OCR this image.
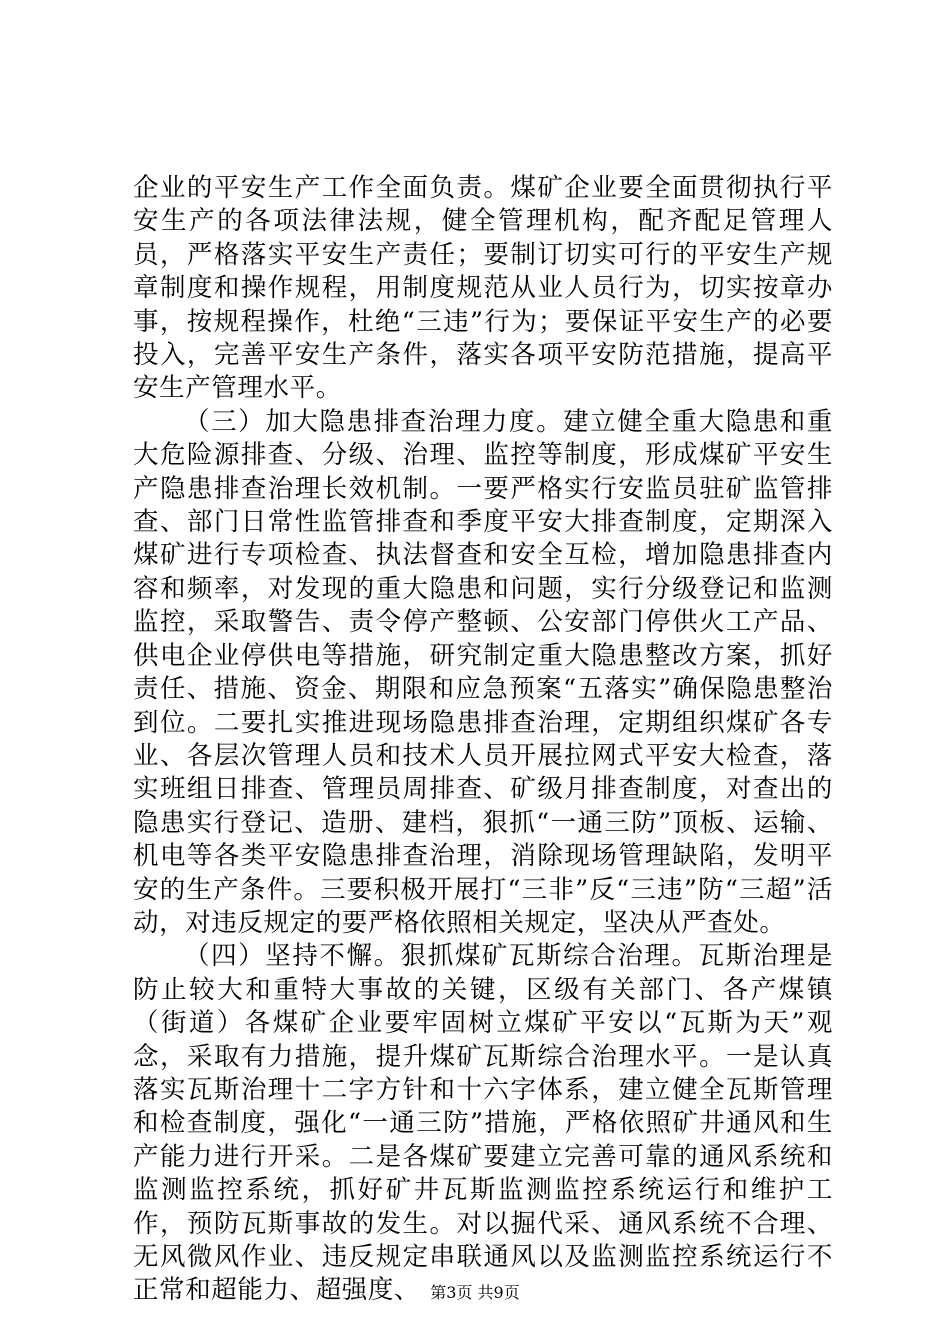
企业的平安生产工作全面负责。煤矿企业要全面贯彻执行平安生产的各项法律法规，健全管理机构，配齐配足管理人员，严格落实平安生产责任；要制订切实可行的平安生产规章制度和操作规程，用制度规范从业人员行为，切实按章办事，按规程操作，杜绝“三违”行为；要保证平安生产的必要投入，完善平安生产条件，落实各项平安防范措施，提高平安生产管理水平。

（三）加大隐患排查治理力度。建立健全重大隐患和重大危险源排查、分级、治理、监控等制度，形成煤矿平安生产隐患排查治理长效机制。一要严格实行安监员驻矿监管排查、部门日常性监管排查和季度平安大排查制度，定期深入煤矿进行专项检查、执法督查和安全互检，增加隐患排查内容和频率，对发现的重大隐患和问题，实行分级登记和监测监控，采取警告、责令停产整顿、公安部门停供火工产品、供电企业停供电等措施，研究制定重大隐患整改方案，抓好责任、措施、资金、期限和应急预案“五落实”确保隐患整治到位。二要扎实推进现场隐患排查治理，定期组织煤矿各专业、各层次管理人员和技术人员开展拉网式平安大检查，落实班组日排查、管理员周排查、矿级月排查制度，对查出的隐患实行登记、造册、建档，狠抓“一通三防”顶板、运输、机电等各类平安隐患排查治理，消除现场管理缺陷，发明平安的生产条件。三要积极开展打“三非”反“三违”防“三超”活动，对违反规定的要严格依照相关规定，坚决从严查处。

（四）坚持不懈。狠抓煤矿瓦斯综合治理。瓦斯治理是防止较大和重特大事故的关键，区级有关部门、各产煤镇（街道）各煤矿企业要牢固树立煤矿平安以“瓦斯为天”观念，采取有力措施，提升煤矿瓦斯综合治理水平。一是认真落实瓦斯治理十二字方针和十六字体系，建立健全瓦斯管理和检查制度，强化“一通三防”措施，严格依照矿井通风和生产能力进行开采。二是各煤矿要建立完善可靠的通风系统和监测监控系统，抓好矿井瓦斯监测监控系统运行和维护工作，预防瓦斯事故的发生。对以掘代采、通风系统不合理、无风微风作业、违反规定串联通风以及监测监控系统运行不正常和超能力、超强度、 第3页 共9页
